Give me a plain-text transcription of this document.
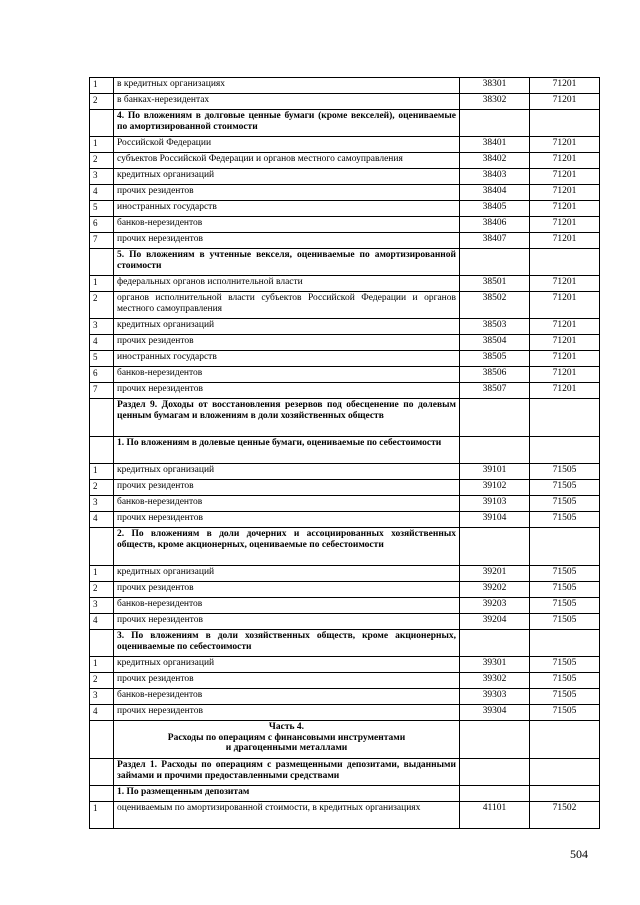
1	в кредитных организациях	38301	71201
2	в банках-нерезидентах	38302	71201
	4. По вложениям в долговые ценные бумаги (кроме векселей), оцениваемые по амортизированной стоимости		
1	Российской Федерации	38401	71201
2	субъектов Российской Федерации и органов местного самоуправления	38402	71201
3	кредитных организаций	38403	71201
4	прочих резидентов	38404	71201
5	иностранных государств	38405	71201
6	банков-нерезидентов	38406	71201
7	прочих нерезидентов	38407	71201
	5. По вложениям в учтенные векселя, оцениваемые по амортизированной стоимости		
1	федеральных органов исполнительной власти	38501	71201
2	органов исполнительной власти субъектов Российской Федерации и органов местного самоуправления	38502	71201
3	кредитных организаций	38503	71201
4	прочих резидентов	38504	71201
5	иностранных государств	38505	71201
6	банков-нерезидентов	38506	71201
7	прочих нерезидентов	38507	71201
	Раздел 9. Доходы от восстановления резервов под обесценение по долевым ценным бумагам и вложениям в доли хозяйственных обществ		
	1. По вложениям в долевые ценные бумаги, оцениваемые по себестоимости		
1	кредитных организаций	39101	71505
2	прочих резидентов	39102	71505
3	банков-нерезидентов	39103	71505
4	прочих нерезидентов	39104	71505
	2. По вложениям в доли дочерних и ассоциированных хозяйственных обществ, кроме акционерных, оцениваемые по себестоимости		
1	кредитных организаций	39201	71505
2	прочих резидентов	39202	71505
3	банков-нерезидентов	39203	71505
4	прочих нерезидентов	39204	71505
	3. По вложениям в доли хозяйственных обществ, кроме акционерных, оцениваемые по себестоимости		
1	кредитных организаций	39301	71505
2	прочих резидентов	39302	71505
3	банков-нерезидентов	39303	71505
4	прочих нерезидентов	39304	71505
	Часть 4.
Расходы по операциям с финансовыми инструментами
и драгоценными металлами		
	Раздел 1. Расходы по операциям с размещенными депозитами, выданными займами и прочими предоставленными средствами		
	1. По размещенным депозитам		
1	оцениваемым по амортизированной стоимости, в кредитных организациях	41101	71502
504
